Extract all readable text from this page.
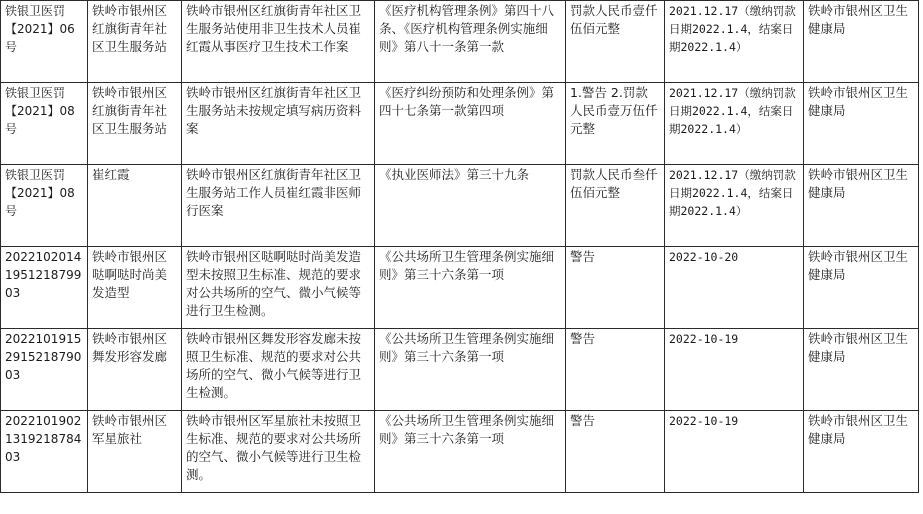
铁银卫医罚【2021】06号	铁岭市银州区红旗街青年社区卫生服务站	铁岭市银州区红旗街青年社区卫生服务站使用非卫生技术人员崔红霞从事医疗卫生技术工作案	《医疗机构管理条例》第四十八条、《医疗机构管理条例实施细则》第八十一条第一款	罚款人民币壹仟伍佰元整	2021.12.17（缴纳罚款日期2022.1.4，结案日期2022.1.4）	铁岭市银州区卫生健康局
铁银卫医罚【2021】08号	铁岭市银州区红旗街青年社区卫生服务站	铁岭市银州区红旗街青年社区卫生服务站未按规定填写病历资料案	《医疗纠纷预防和处理条例》第四十七条第一款第四项	1.警告 2.罚款人民币壹万伍仟元整	2021.12.17（缴纳罚款日期2022.1.4，结案日期2022.1.4）	铁岭市银州区卫生健康局
铁银卫医罚【2021】08号	崔红霞	铁岭市银州区红旗街青年社区卫生服务站工作人员崔红霞非医师行医案	《执业医师法》第三十九条	罚款人民币叁仟伍佰元整	2021.12.17（缴纳罚款日期2022.1.4，结案日期2022.1.4）	铁岭市银州区卫生健康局
20221020141951218799 03	铁岭市银州区哒啊哒时尚美发造型	铁岭市银州区哒啊哒时尚美发造型未按照卫生标准、规范的要求对公共场所的空气、微小气候等进行卫生检测。	《公共场所卫生管理条例实施细则》第三十六条第一项	警告	2022-10-20	铁岭市银州区卫生健康局
20221019152915218790 03	铁岭市银州区舞发形容发廊	铁岭市银州区舞发形容发廊未按照卫生标准、规范的要求对公共场所的空气、微小气候等进行卫生检测。	《公共场所卫生管理条例实施细则》第三十六条第一项	警告	2022-10-19	铁岭市银州区卫生健康局
20221019021319218784 03	铁岭市银州区军星旅社	铁岭市银州区军星旅社未按照卫生标准、规范的要求对公共场所的空气、微小气候等进行卫生检测。	《公共场所卫生管理条例实施细则》第三十六条第一项	警告	2022-10-19	铁岭市银州区卫生健康局
